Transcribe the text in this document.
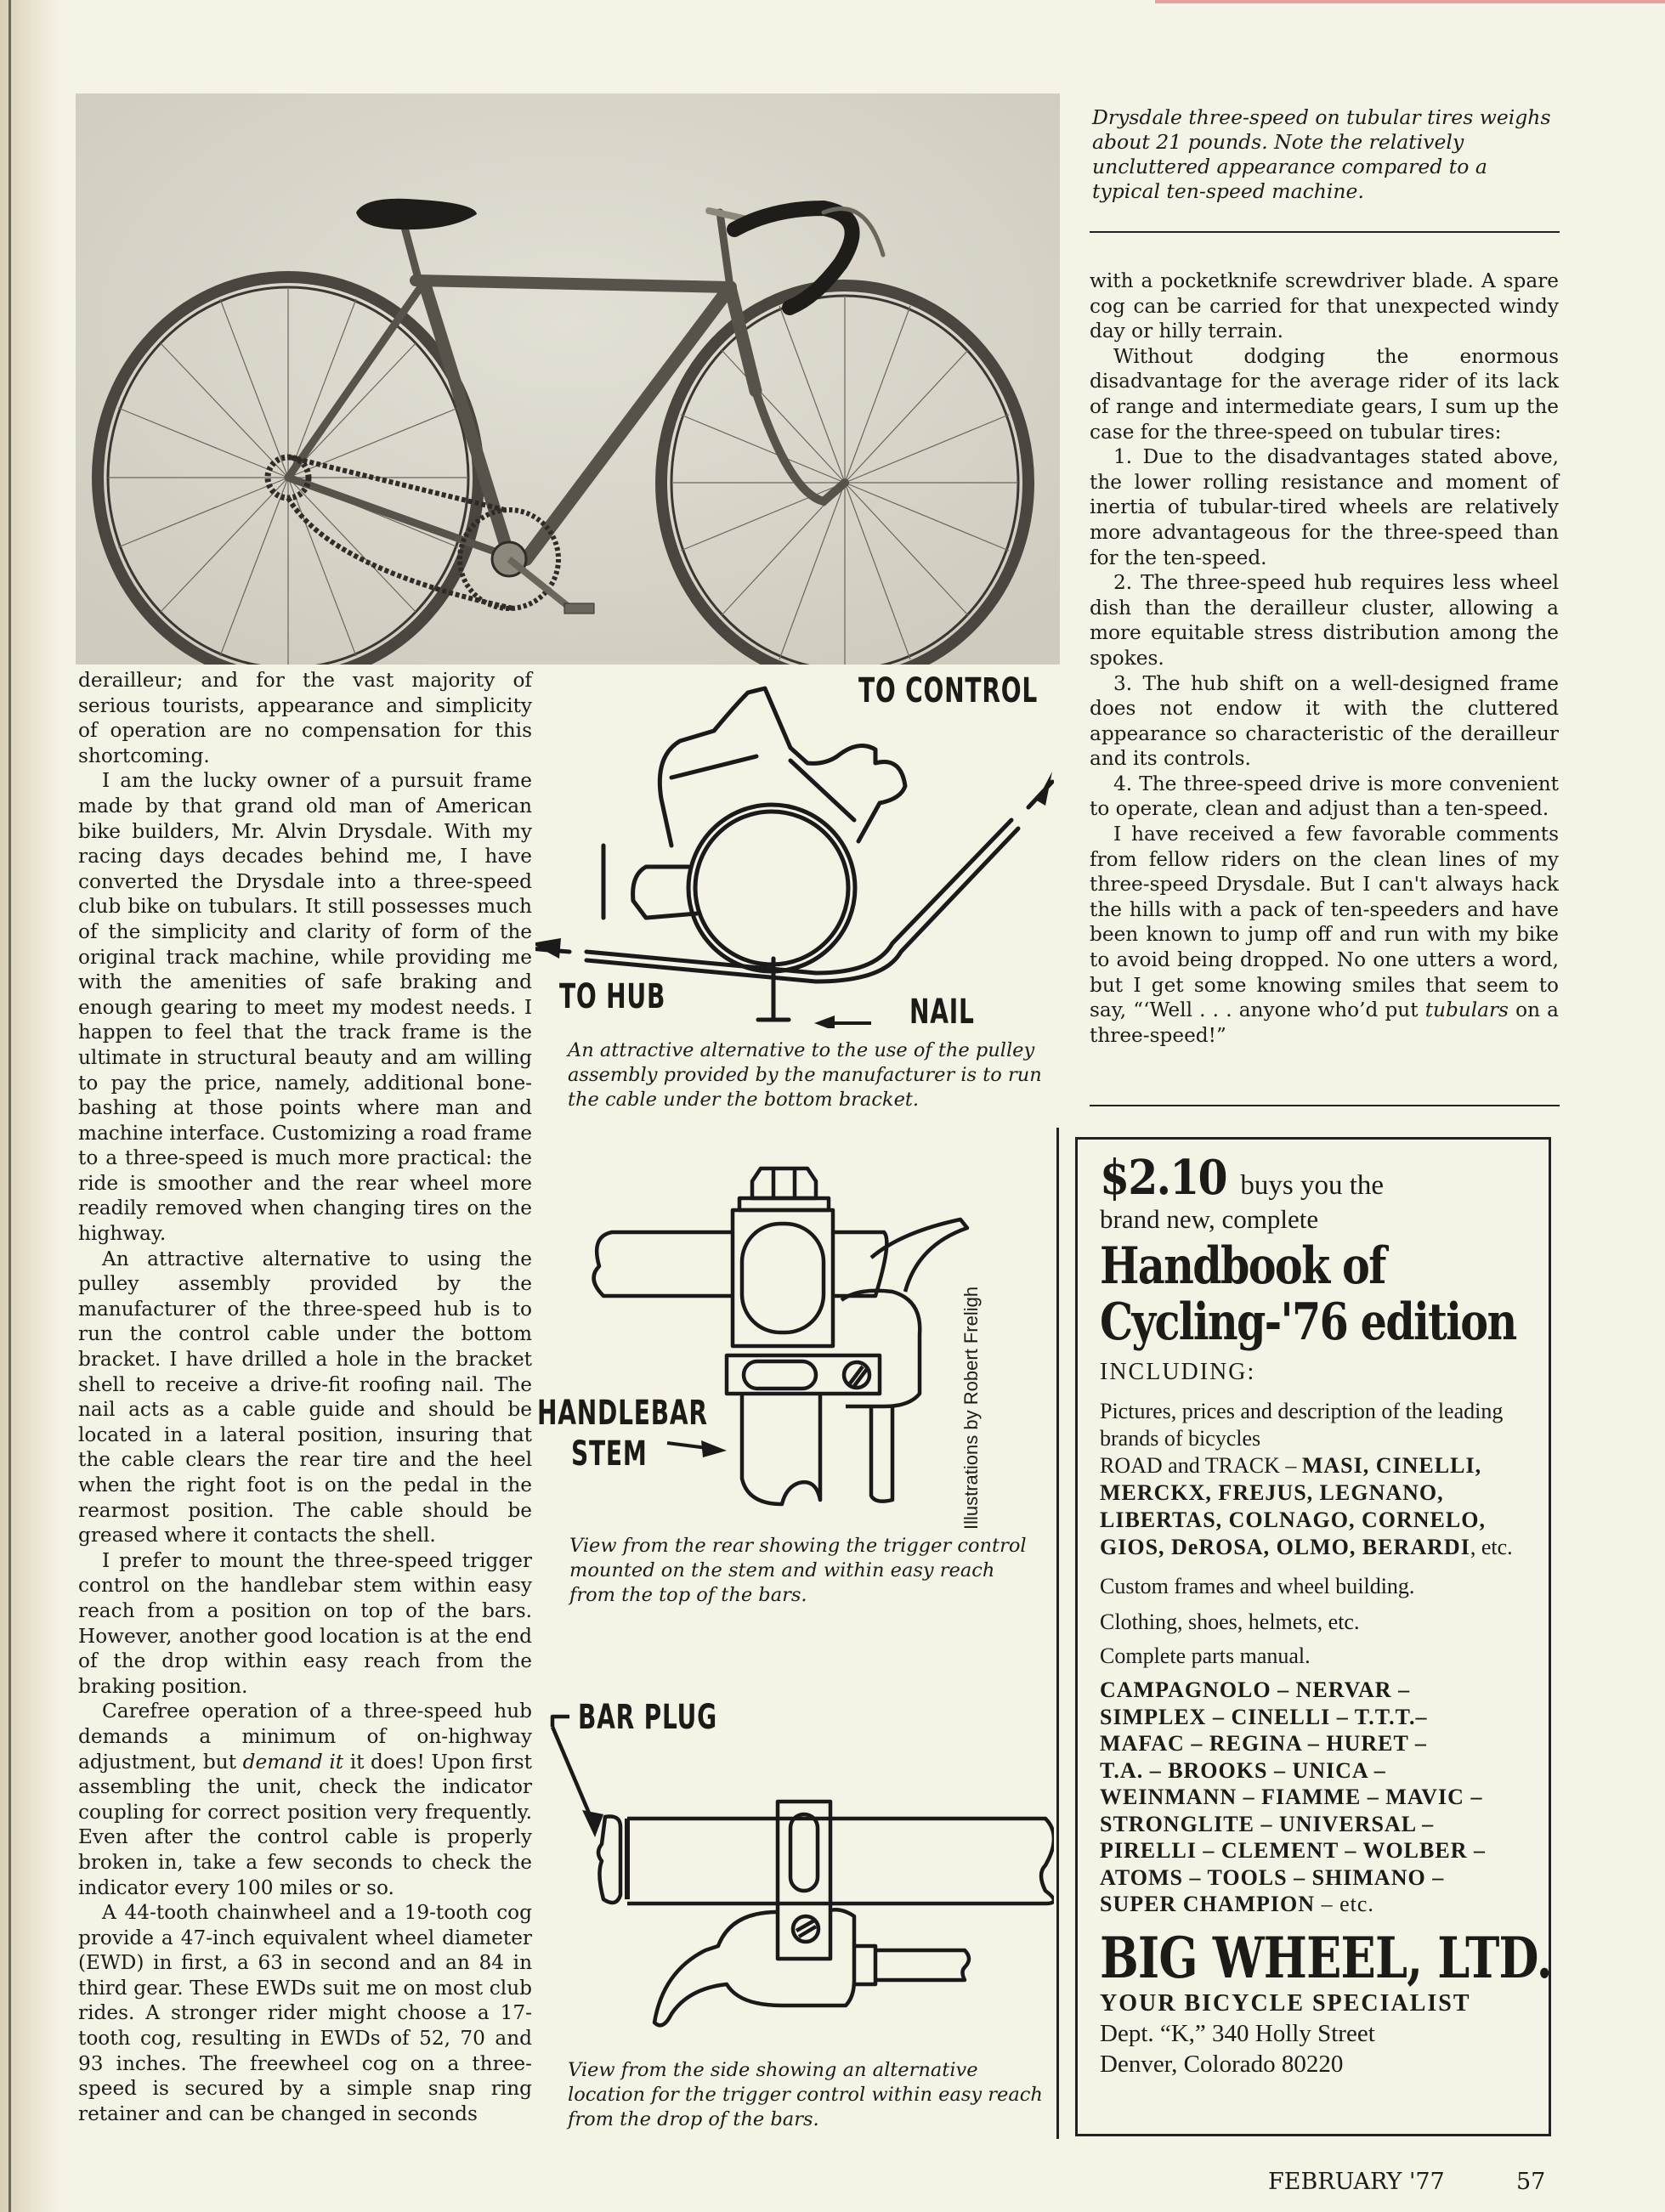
Drysdale three-speed on tubular tires weighs about 21 pounds. Note the relatively uncluttered appearance compared to a typical ten-speed machine.

derailleur; and for the vast majority of serious tourists, appearance and simplicity of operation are no compensation for this shortcoming.

I am the lucky owner of a pursuit frame made by that grand old man of American bike builders, Mr. Alvin Drysdale. With my racing days decades behind me, I have converted the Drysdale into a three-speed club bike on tubulars. It still possesses much of the simplicity and clarity of form of the original track machine, while providing me with the amenities of safe braking and enough gearing to meet my modest needs. I happen to feel that the track frame is the ultimate in structural beauty and am willing to pay the price, namely, additional bone-bashing at those points where man and machine interface. Customizing a road frame to a three-speed is much more practical: the ride is smoother and the rear wheel more readily removed when changing tires on the highway.

An attractive alternative to using the pulley assembly provided by the manufacturer of the three-speed hub is to run the control cable under the bottom bracket. I have drilled a hole in the bracket shell to receive a drive-fit roofing nail. The nail acts as a cable guide and should be located in a lateral position, insuring that the cable clears the rear tire and the heel when the right foot is on the pedal in the rearmost position. The cable should be greased where it contacts the shell.

I prefer to mount the three-speed trigger control on the handlebar stem within easy reach from a position on top of the bars. However, another good location is at the end of the drop within easy reach from the braking position.

Carefree operation of a three-speed hub demands a minimum of on-highway adjustment, but demand it it does! Upon first assembling the unit, check the indicator coupling for correct position very frequently. Even after the control cable is properly broken in, take a few seconds to check the indicator every 100 miles or so.

A 44-tooth chainwheel and a 19-tooth cog provide a 47-inch equivalent wheel diameter (EWD) in first, a 63 in second and an 84 in third gear. These EWDs suit me on most club rides. A stronger rider might choose a 17-tooth cog, resulting in EWDs of 52, 70 and 93 inches. The freewheel cog on a three-speed is secured by a simple snap ring retainer and can be changed in seconds

with a pocketknife screwdriver blade. A spare cog can be carried for that unexpected windy day or hilly terrain.

Without dodging the enormous disadvantage for the average rider of its lack of range and intermediate gears, I sum up the case for the three-speed on tubular tires:

1. Due to the disadvantages stated above, the lower rolling resistance and moment of inertia of tubular-tired wheels are relatively more advantageous for the three-speed than for the ten-speed.

2. The three-speed hub requires less wheel dish than the derailleur cluster, allowing a more equitable stress distribution among the spokes.

3. The hub shift on a well-designed frame does not endow it with the cluttered appearance so characteristic of the derailleur and its controls.

4. The three-speed drive is more convenient to operate, clean and adjust than a ten-speed.

I have received a few favorable comments from fellow riders on the clean lines of my three-speed Drysdale. But I can't always hack the hills with a pack of ten-speeders and have been known to jump off and run with my bike to avoid being dropped. No one utters a word, but I get some knowing smiles that seem to say, “‘Well . . . anyone who’d put tubulars on a three-speed!”

TO CONTROL
TO HUB	NAIL
An attractive alternative to the use of the pulley assembly provided by the manufacturer is to run the cable under the bottom bracket.
HANDLEBAR
STEM
View from the rear showing the trigger control mounted on the stem and within easy reach from the top of the bars.
Illustrations by Robert Freligh
BAR PLUG
View from the side showing an alternative location for the trigger control within easy reach from the drop of the bars.
$2.10 buys you the
brand new, complete
Handbook of
Cycling-'76 edition
INCLUDING:
Pictures, prices and description of the leading brands of bicycles
ROAD and TRACK – MASI, CINELLI, MERCKX, FREJUS, LEGNANO, LIBERTAS, COLNAGO, CORNELO, GIOS, DeROSA, OLMO, BERARDI, etc.
Custom frames and wheel building.
Clothing, shoes, helmets, etc.
Complete parts manual.
CAMPAGNOLO – NERVAR –
SIMPLEX – CINELLI – T.T.T.–
MAFAC – REGINA – HURET –
T.A. – BROOKS – UNICA –
WEINMANN – FIAMME – MAVIC –
STRONGLITE – UNIVERSAL –
PIRELLI – CLEMENT – WOLBER –
ATOMS – TOOLS – SHIMANO –
SUPER CHAMPION – etc.
BIG WHEEL, LTD.
YOUR BICYCLE SPECIALIST
Dept. “K,” 340 Holly Street
Denver, Colorado 80220
FEBRUARY '77	57
